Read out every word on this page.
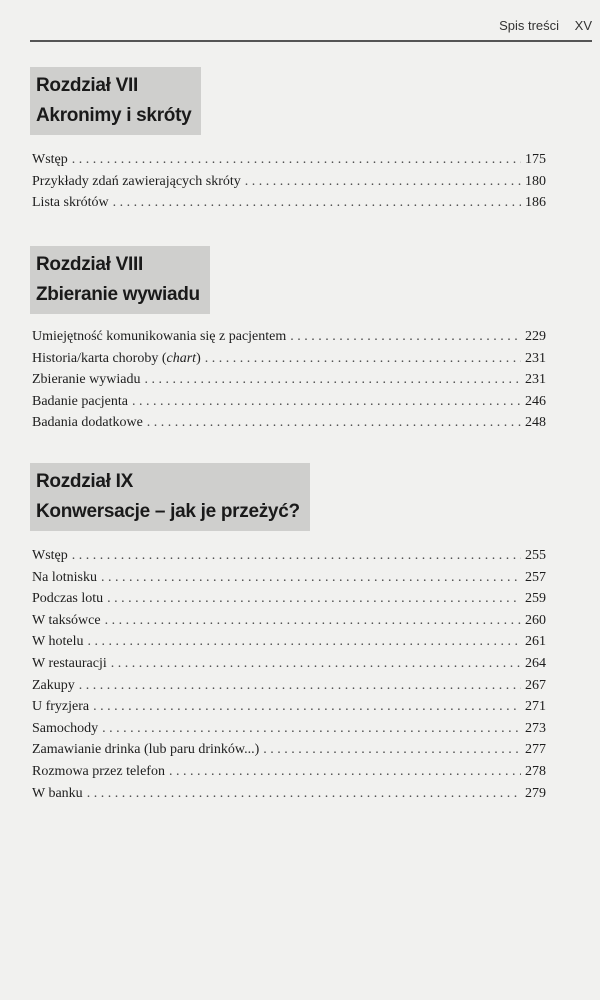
Spis treści XV
Rozdział VII
Akronimy i skróty
Wstęp . . .	175
Przykłady zdań zawierających skróty . . .	180
Lista skrótów . . .	186
Rozdział VIII
Zbieranie wywiadu
Umiejętność komunikowania się z pacjentem . . .	229
Historia/karta choroby (chart) . . .	231
Zbieranie wywiadu . . .	231
Badanie pacjenta . . .	246
Badania dodatkowe . . .	248
Rozdział IX
Konwersacje – jak je przeżyć?
Wstęp . . .	255
Na lotnisku . . .	257
Podczas lotu . . .	259
W taksówce . . .	260
W hotelu . . .	261
W restauracji . . .	264
Zakupy . . .	267
U fryzjera . . .	271
Samochody . . .	273
Zamawianie drinka (lub paru drinków...) . . .	277
Rozmowa przez telefon . . .	278
W banku . . .	279
